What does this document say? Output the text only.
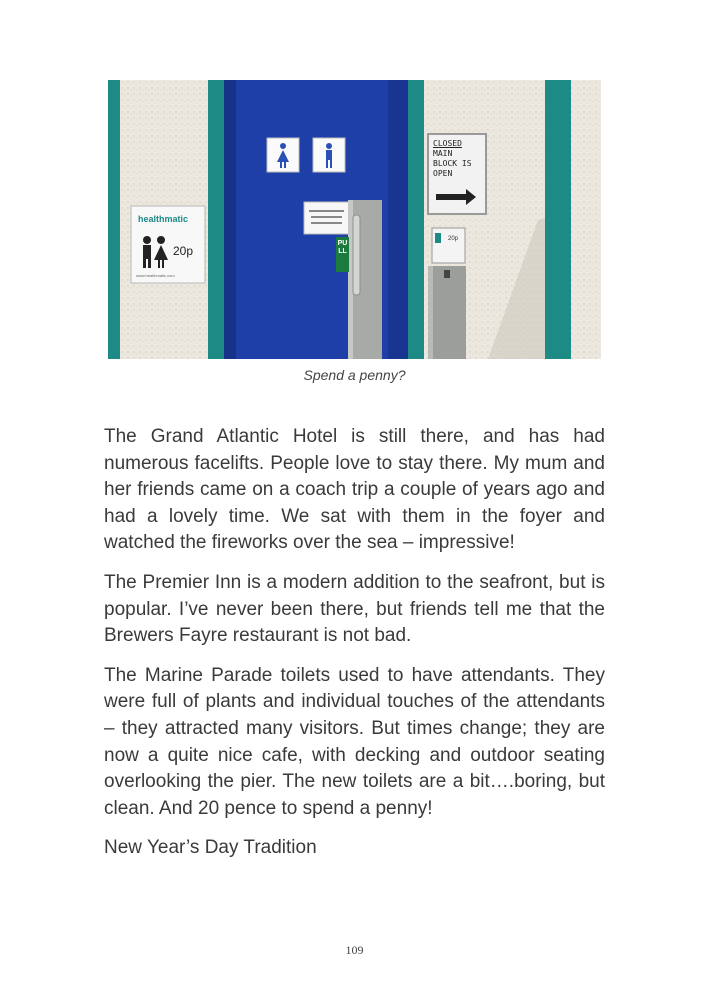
healthmatic
20p
www.healthmatic.com
PULL
CLOSED
MAIN
BLOCK IS
OPEN
20p
Spend a penny?

The Grand Atlantic Hotel is still there, and has had numerous facelifts. People love to stay there. My mum and her friends came on a coach trip a couple of years ago and had a lovely time. We sat with them in the foyer and watched the fireworks over the sea – impressive!

The Premier Inn is a modern addition to the seafront, but is popular. I’ve never been there, but friends tell me that the Brewers Fayre restaurant is not bad.

The Marine Parade toilets used to have attendants. They were full of plants and individual touches of the attendants – they attracted many visitors. But times change; they are now a quite nice cafe, with decking and outdoor seating overlooking the pier. The new toilets are a bit….boring, but clean. And 20 pence to spend a penny!

New Year’s Day Tradition

109
